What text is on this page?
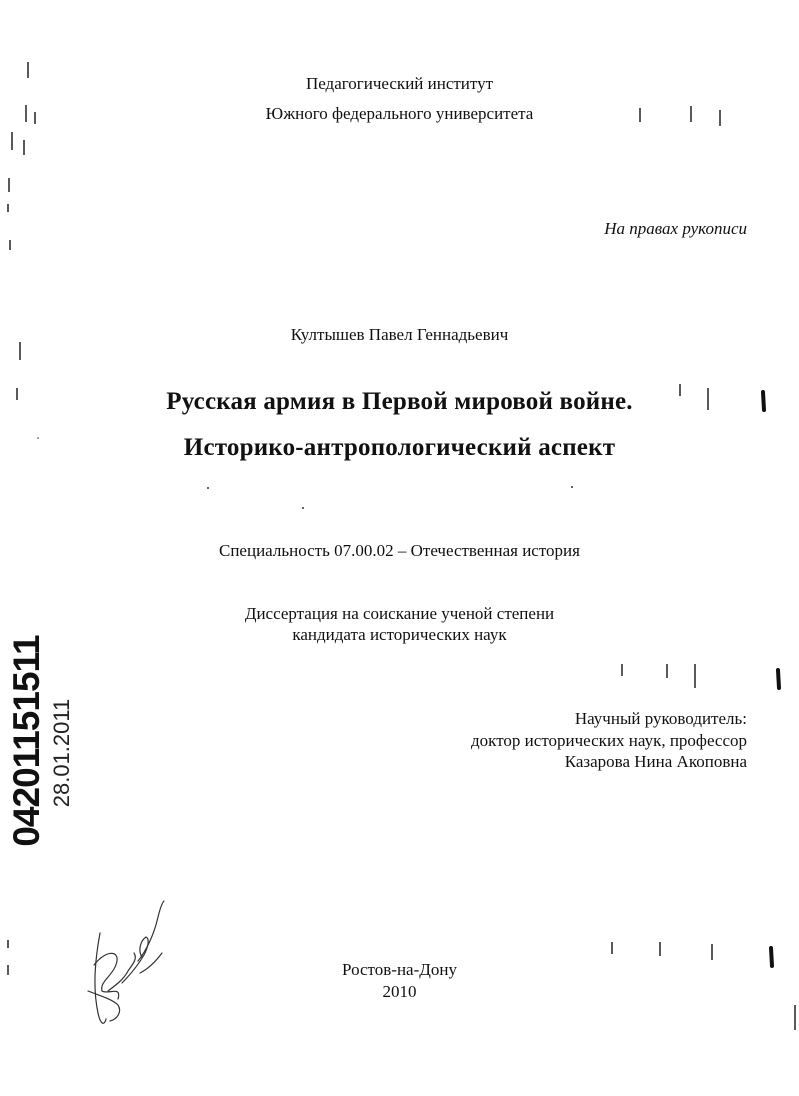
Педагогический институт
Южного федерального университета
На правах рукописи
Култышев Павел Геннадьевич
Русская армия в Первой мировой войне.
Историко-антропологический аспект
Специальность 07.00.02 – Отечественная история
Диссертация на соискание ученой степени
кандидата исторических наук
Научный руководитель:
доктор исторических наук, профессор
Казарова Нина Акоповна
Ростов-на-Дону
2010
04201151511 28.01.2011
